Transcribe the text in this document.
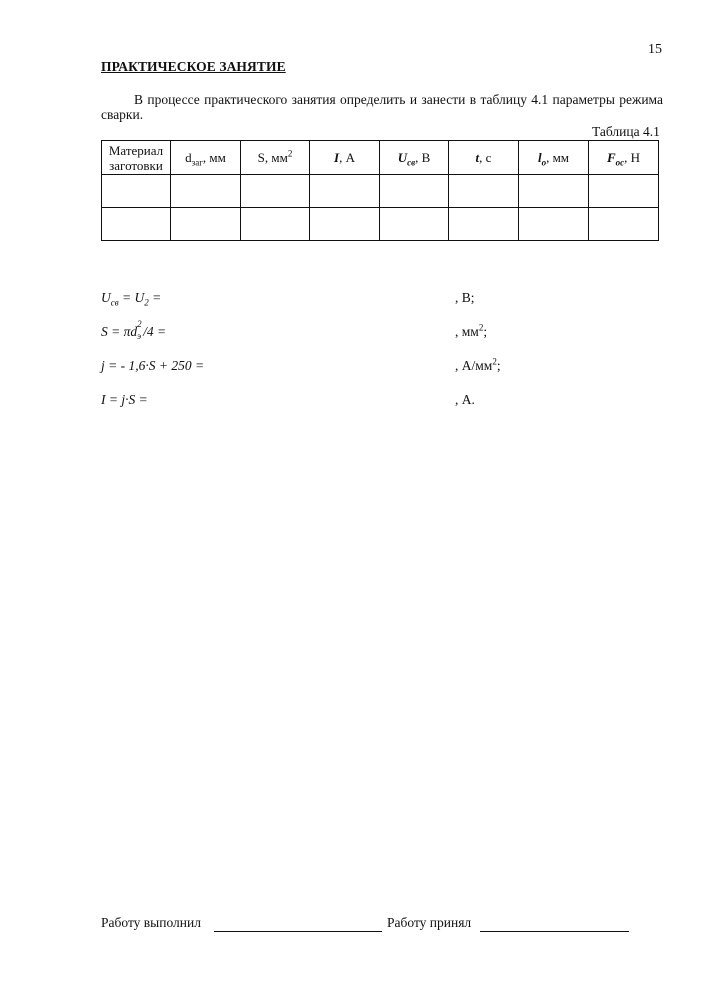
15
ПРАКТИЧЕСКОЕ ЗАНЯТИЕ
В процессе практического занятия определить и занести в таблицу 4.1 параметры режима сварки.
Таблица 4.1
Материал
заготовки	$d_{заг}$, мм	S, $мм^2$	I, А	$U_{св}$, В	t, с	$l_о$, мм	$F_{ос}$, Н

$U_{св} = U_2$ =	, В;
S = πd 2
э /4 =	, $мм^2$;
j = - 1,6·S + 250 =	, $А/мм^2$;
I = j·S =	, А.
Работу выполнил	Работу принял
